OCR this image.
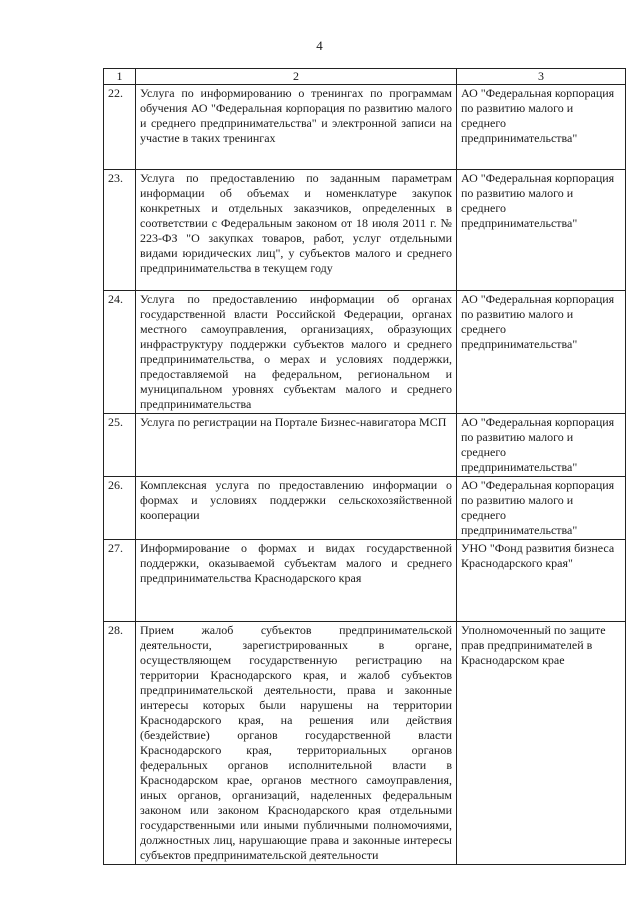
4
1	2	3
22.	Услуга по информированию о тренингах по программам обучения АО "Федеральная корпорация по развитию малого и среднего предпринимательства" и электронной записи на участие в таких тренингах	АО "Федеральная корпорация по развитию малого и среднего предпринимательства"
23.	Услуга по предоставлению по заданным параметрам информации об объемах и номенклатуре закупок конкретных и отдельных заказчиков, определенных в соответствии с Федеральным законом от 18 июля 2011 г. № 223-ФЗ "О закупках товаров, работ, услуг отдельными видами юридических лиц", у субъектов малого и среднего предпринимательства в текущем году	АО "Федеральная корпорация по развитию малого и среднего предпринимательства"
24.	Услуга по предоставлению информации об органах государственной власти Российской Федерации, органах местного самоуправления, организациях, образующих инфраструктуру поддержки субъектов малого и среднего предпринимательства, о мерах и условиях поддержки, предоставляемой на федеральном, региональном и муниципальном уровнях субъектам малого и среднего предпринимательства	АО "Федеральная корпорация по развитию малого и среднего предпринимательства"
25.	Услуга по регистрации на Портале Бизнес-навигатора МСП	АО "Федеральная корпорация по развитию малого и среднего предпринимательства"
26.	Комплексная услуга по предоставлению информации о формах и условиях поддержки сельскохозяйственной кооперации	АО "Федеральная корпорация по развитию малого и среднего предпринимательства"
27.	Информирование о формах и видах государственной поддержки, оказываемой субъектам малого и среднего предпринимательства Краснодарского края	УНО "Фонд развития бизнеса Краснодарского края"
28.	Прием жалоб субъектов предпринимательской деятельности, зарегистрированных в органе, осуществляющем государственную регистрацию на территории Краснодарского края, и жалоб субъектов предпринимательской деятельности, права и законные интересы которых были нарушены на территории Краснодарского края, на решения или действия (бездействие) органов государственной власти Краснодарского края, территориальных органов федеральных органов исполнительной власти в Краснодарском крае, органов местного самоуправления, иных органов, организаций, наделенных федеральным законом или законом Краснодарского края отдельными государственными или иными публичными полномочиями, должностных лиц, нарушающие права и законные интересы субъектов предпринимательской деятельности	Уполномоченный по защите прав предпринимателей в Краснодарском крае
